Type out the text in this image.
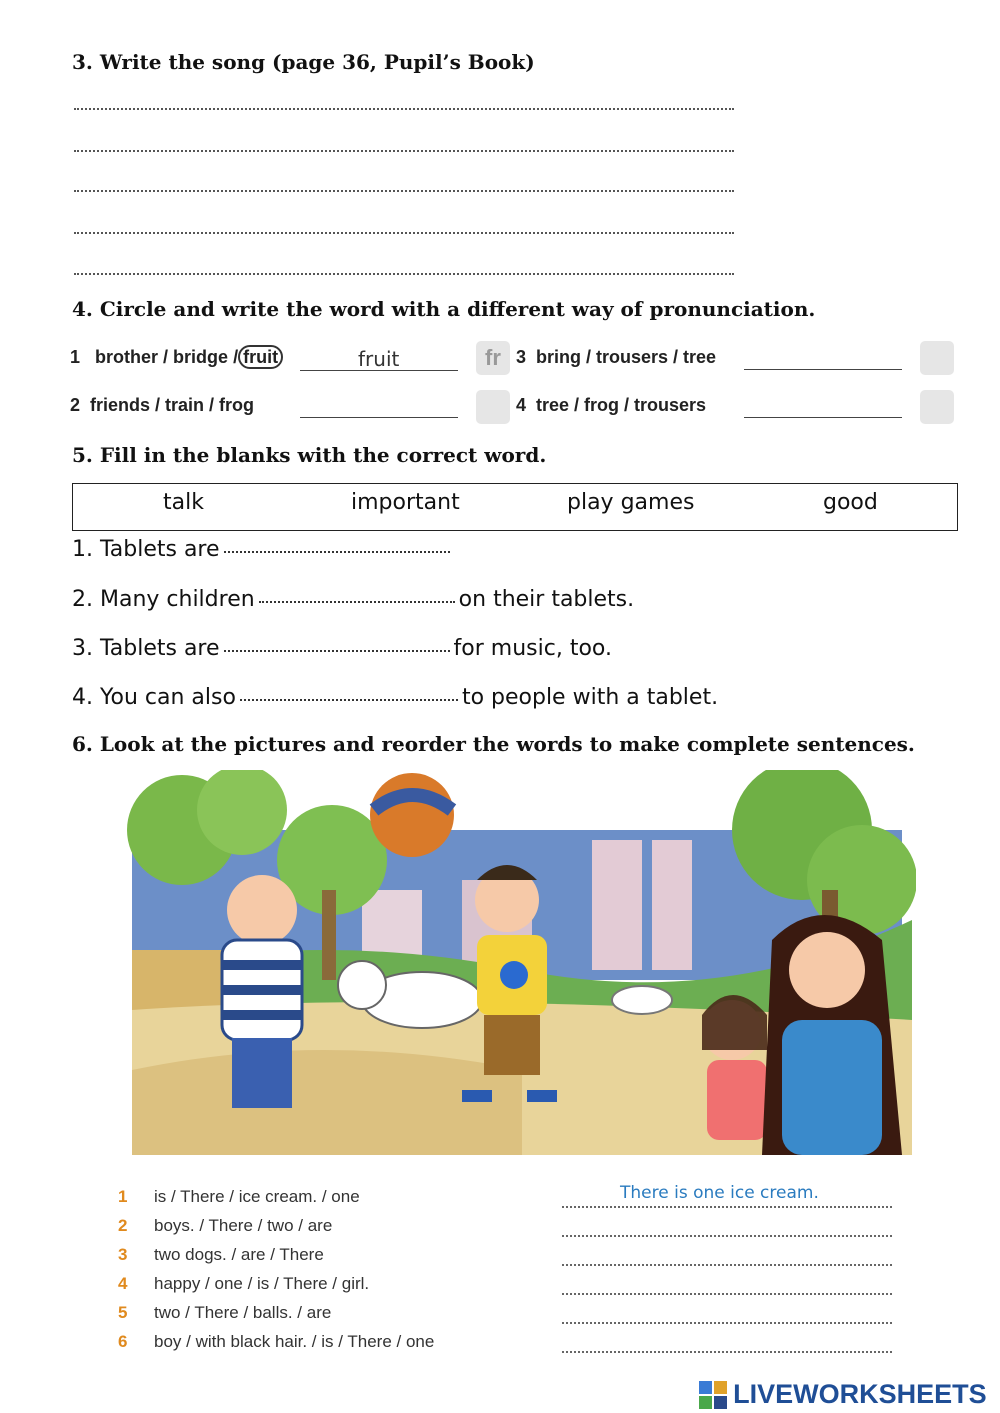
3. Write the song (page 36, Pupil’s Book)
4. Circle and write the word with a different way of pronunciation.
1 brother / bridge / fruit	fruit	fr 3 bring / trousers / tree
2 friends / train / frog	4 tree / frog / trousers
5. Fill in the blanks with the correct word.
talk	important	play games	good
1. Tablets are
2. Many children	on their tablets.
3. Tablets are	for music, too.
4. You can also	to people with a tablet.
6. Look at the pictures and reorder the words to make complete sentences.
1 is / There / ice cream. / one	There is one ice cream.
2 boys. / There / two / are
3 two dogs. / are / There
4 happy / one / is / There / girl.
5 two / There / balls. / are
6 boy / with black hair. / is / There / one
LIVEWORKSHEETS
